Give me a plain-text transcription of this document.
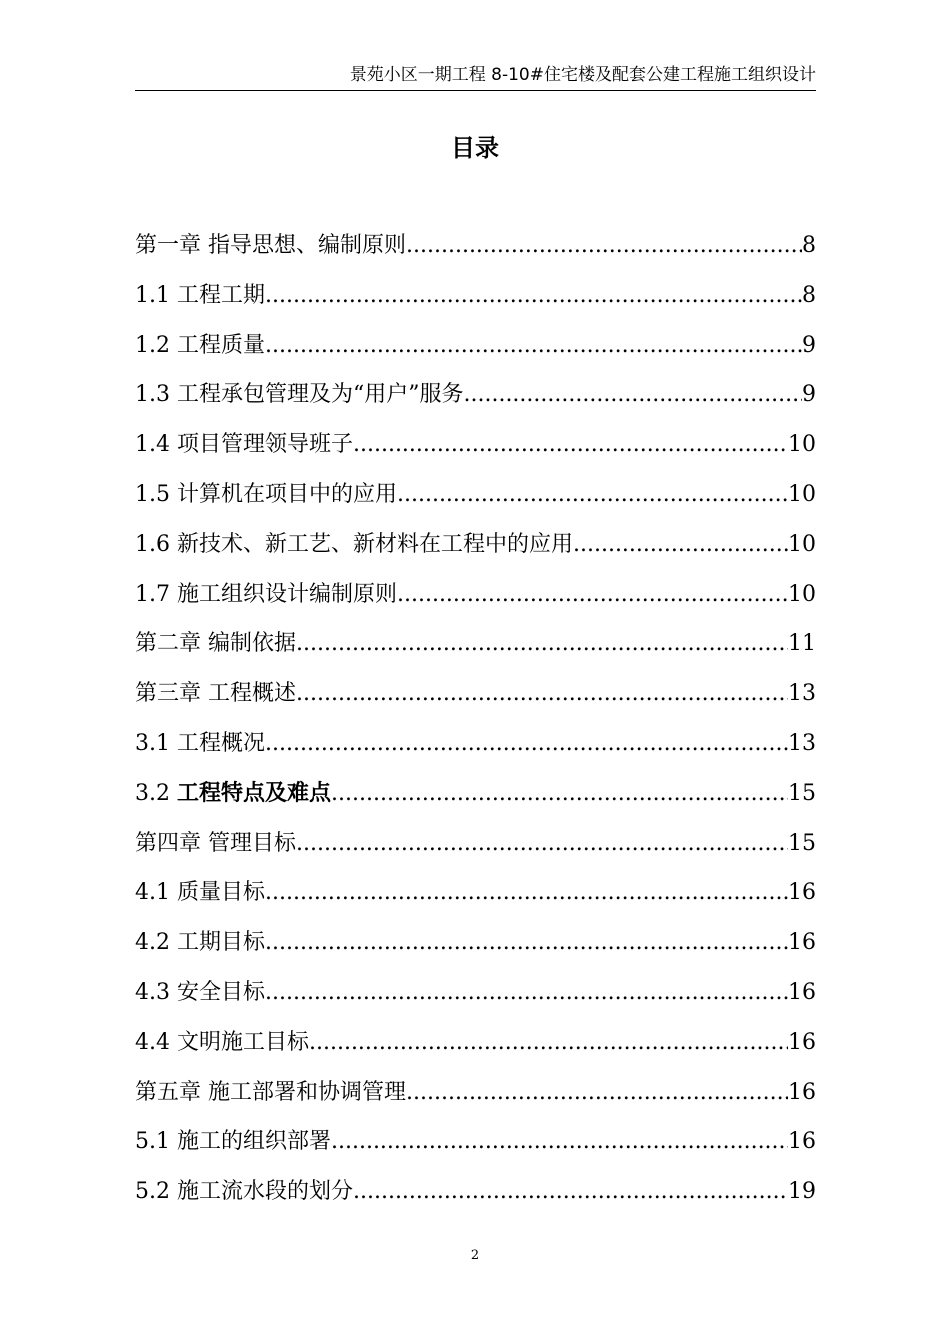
景苑小区一期工程 8-10#住宅楼及配套公建工程施工组织设计
目录
第一章 指导思想、编制原则 .....	8
1.1 工程工期 .....	8
1.2 工程质量 .....	9
1.3 工程承包管理及为“用户”服务 .....	9
1.4 项目管理领导班子 .....	10
1.5 计算机在项目中的应用 .....	10
1.6 新技术、新工艺、新材料在工程中的应用 .....	10
1.7 施工组织设计编制原则 .....	10
第二章 编制依据 .....	11
第三章 工程概述 .....	13
3.1 工程概况 .....	13
3.2 工程特点及难点 .....	15
第四章 管理目标 .....	15
4.1 质量目标 .....	16
4.2 工期目标 .....	16
4.3 安全目标 .....	16
4.4 文明施工目标 .....	16
第五章 施工部署和协调管理 .....	16
5.1 施工的组织部署 .....	16
5.2 施工流水段的划分 .....	19
2
